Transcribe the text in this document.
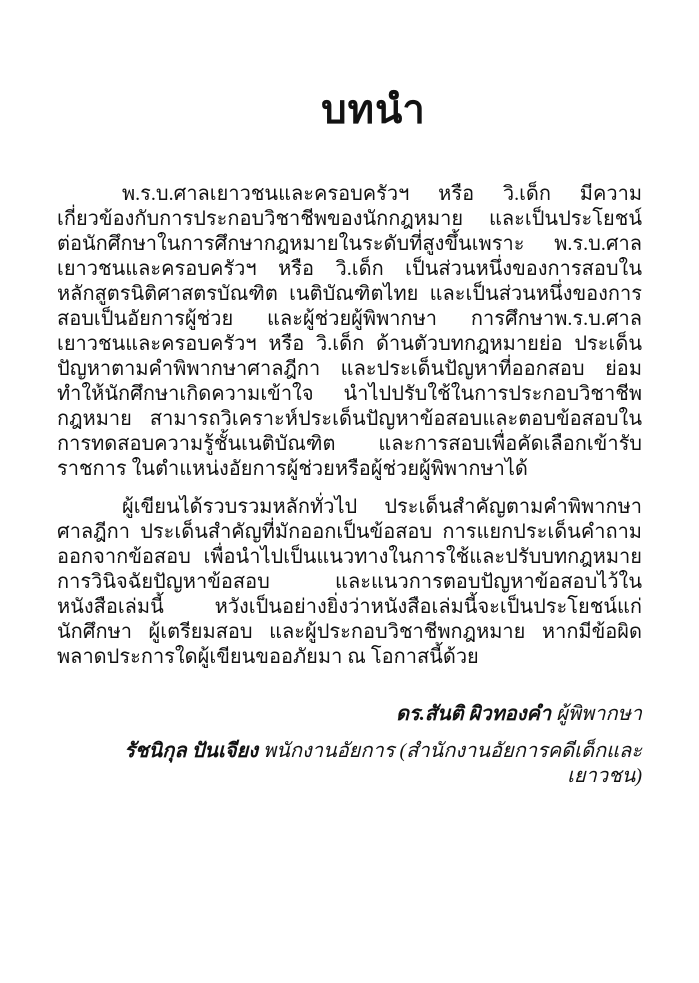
บทนำ

พ.ร.บ.ศาลเยาวชนและครอบครัวฯ หรือ วิ.เด็ก มีความเกี่ยวข้องกับการประกอบวิชาชีพของนักกฎหมาย และเป็นประโยชน์ต่อนักศึกษาในการศึกษากฎหมายในระดับที่สูงขึ้นเพราะ พ.ร.บ.ศาลเยาวชนและครอบครัวฯ หรือ วิ.เด็ก เป็นส่วนหนึ่งของการสอบในหลักสูตรนิติศาสตรบัณฑิต เนติบัณฑิตไทย และเป็นส่วนหนึ่งของการสอบเป็นอัยการผู้ช่วย และผู้ช่วยผู้พิพากษา การศึกษาพ.ร.บ.ศาลเยาวชนและครอบครัวฯ หรือ วิ.เด็ก ด้านตัวบทกฎหมายย่อ ประเด็นปัญหาตามคำพิพากษาศาลฎีกา และประเด็นปัญหาที่ออกสอบ ย่อมทำให้นักศึกษาเกิดความเข้าใจ นำไปปรับใช้ในการประกอบวิชาชีพกฎหมาย สามารถวิเคราะห์ประเด็นปัญหาข้อสอบและตอบข้อสอบในการทดสอบความรู้ชั้นเนติบัณฑิต และการสอบเพื่อคัดเลือกเข้ารับราชการ ในตำแหน่งอัยการผู้ช่วยหรือผู้ช่วยผู้พิพากษาได้

ผู้เขียนได้รวบรวมหลักทั่วไป ประเด็นสำคัญตามคำพิพากษาศาลฎีกา ประเด็นสำคัญที่มักออกเป็นข้อสอบ การแยกประเด็นคำถามออกจากข้อสอบ เพื่อนำไปเป็นแนวทางในการใช้และปรับบทกฎหมาย การวินิจฉัยปัญหาข้อสอบ และแนวการตอบปัญหาข้อสอบไว้ในหนังสือเล่มนี้ หวังเป็นอย่างยิ่งว่าหนังสือเล่มนี้จะเป็นประโยชน์แก่นักศึกษา ผู้เตรียมสอบ และผู้ประกอบวิชาชีพกฎหมาย หากมีข้อผิดพลาดประการใดผู้เขียนขออภัยมา ณ โอกาสนี้ด้วย

ดร.สันติ ผิวทองคำ ผู้พิพากษา
รัชนิกุล ปันเจียง พนักงานอัยการ (สำนักงานอัยการคดีเด็กและเยาวชน)
